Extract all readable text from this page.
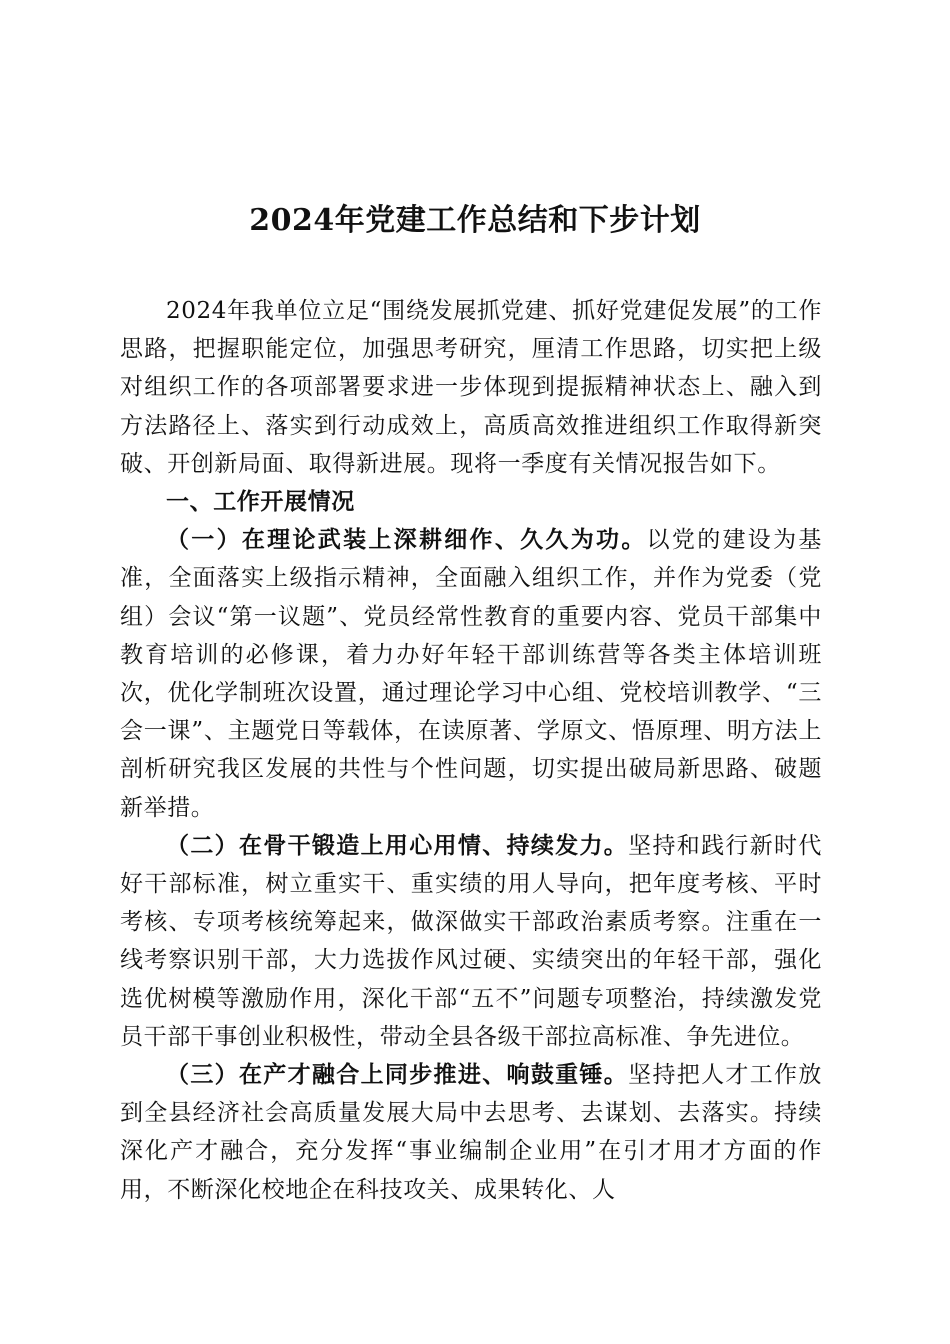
2024年党建工作总结和下步计划

2024年我单位立足“围绕发展抓党建、抓好党建促发展”的工作思路，把握职能定位，加强思考研究，厘清工作思路，切实把上级对组织工作的各项部署要求进一步体现到提振精神状态上、融入到方法路径上、落实到行动成效上，高质高效推进组织工作取得新突破、开创新局面、取得新进展。现将一季度有关情况报告如下。

一、工作开展情况

（一）在理论武装上深耕细作、久久为功。以党的建设为基准，全面落实上级指示精神，全面融入组织工作，并作为党委（党组）会议“第一议题”、党员经常性教育的重要内容、党员干部集中教育培训的必修课，着力办好年轻干部训练营等各类主体培训班次，优化学制班次设置，通过理论学习中心组、党校培训教学、“三会一课”、主题党日等载体，在读原著、学原文、悟原理、明方法上剖析研究我区发展的共性与个性问题，切实提出破局新思路、破题新举措。

（二）在骨干锻造上用心用情、持续发力。坚持和践行新时代好干部标准，树立重实干、重实绩的用人导向，把年度考核、平时考核、专项考核统筹起来，做深做实干部政治素质考察。注重在一线考察识别干部，大力选拔作风过硬、实绩突出的年轻干部，强化选优树模等激励作用，深化干部“五不”问题专项整治，持续激发党员干部干事创业积极性，带动全县各级干部拉高标准、争先进位。

（三）在产才融合上同步推进、响鼓重锤。坚持把人才工作放到全县经济社会高质量发展大局中去思考、去谋划、去落实。持续深化产才融合，充分发挥“事业编制企业用”在引才用才方面的作用，不断深化校地企在科技攻关、成果转化、人
